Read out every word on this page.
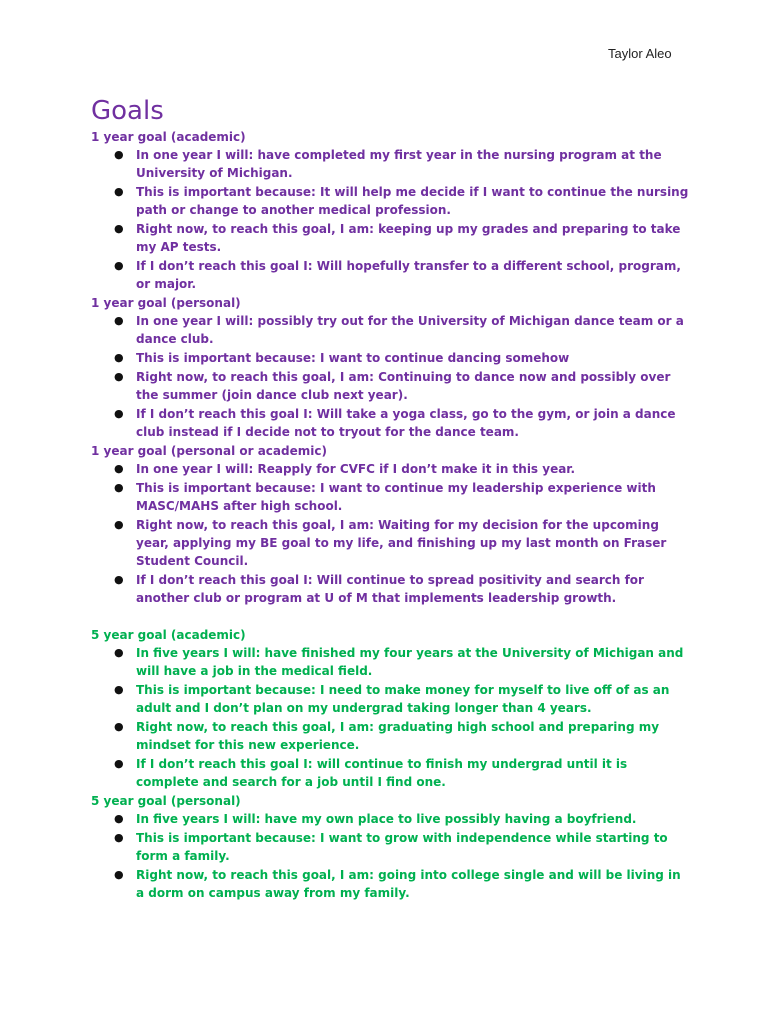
Taylor Aleo
Goals
1 year goal (academic)
● In one year I will: have completed my first year in the nursing program at the University of Michigan.
● This is important because: It will help me decide if I want to continue the nursing path or change to another medical profession.
● Right now, to reach this goal, I am: keeping up my grades and preparing to take my AP tests.
● If I don’t reach this goal I: Will hopefully transfer to a different school, program, or major.
1 year goal (personal)
● In one year I will: possibly try out for the University of Michigan dance team or a dance club.
● This is important because: I want to continue dancing somehow
● Right now, to reach this goal, I am: Continuing to dance now and possibly over the summer (join dance club next year).
● If I don’t reach this goal I: Will take a yoga class, go to the gym, or join a dance club instead if I decide not to tryout for the dance team.
1 year goal (personal or academic)
● In one year I will: Reapply for CVFC if I don’t make it in this year.
● This is important because: I want to continue my leadership experience with MASC/MAHS after high school.
● Right now, to reach this goal, I am: Waiting for my decision for the upcoming year, applying my BE goal to my life, and finishing up my last month on Fraser Student Council.
● If I don’t reach this goal I: Will continue to spread positivity and search for another club or program at U of M that implements leadership growth.
5 year goal (academic)
● In five years I will: have finished my four years at the University of Michigan and will have a job in the medical field.
● This is important because: I need to make money for myself to live off of as an adult and I don’t plan on my undergrad taking longer than 4 years.
● Right now, to reach this goal, I am: graduating high school and preparing my mindset for this new experience.
● If I don’t reach this goal I: will continue to finish my undergrad until it is complete and search for a job until I find one.
5 year goal (personal)
● In five years I will: have my own place to live possibly having a boyfriend.
● This is important because: I want to grow with independence while starting to form a family.
● Right now, to reach this goal, I am: going into college single and will be living in a dorm on campus away from my family.
